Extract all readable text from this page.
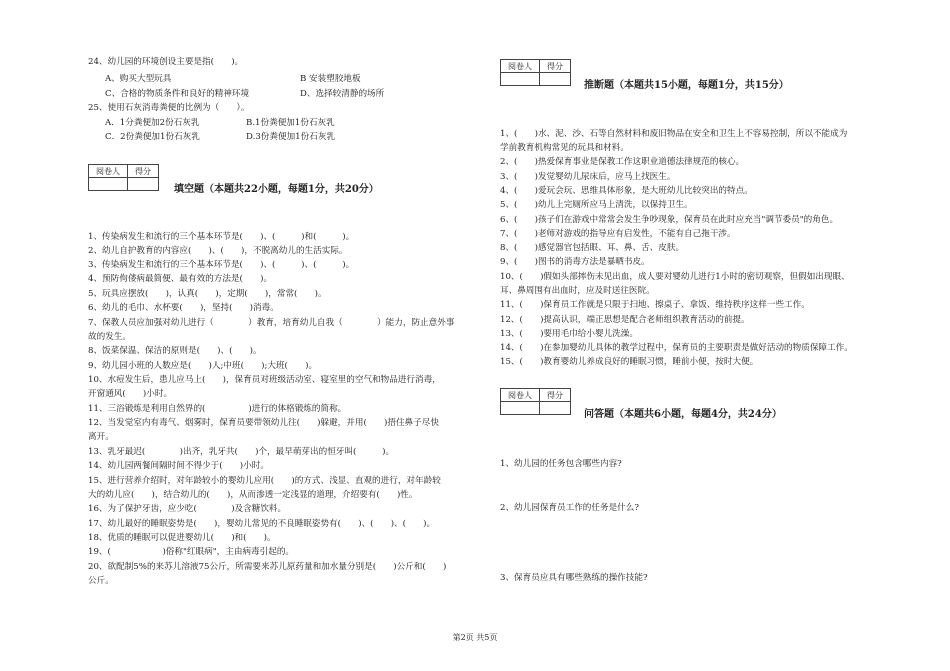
24、幼儿园的环境创设主要是指(　　)。
A、购买大型玩具	B 安装塑胶地板
C、合格的物质条件和良好的精神环境	D、选择较清静的场所
25、使用石灰消毒粪便的比例为（　　）。
A．1分粪便加2份石灰乳	B.1份粪便加1份石灰乳
C．2份粪便加1份石灰乳	D.3份粪便加1份石灰乳
阅卷人	得分

填空题（本题共22小题，每题1分，共20分）
1、传染病发生和流行的三个基本环节是(　　)、(　　　)和(　　　)。
2、幼儿自护教育的内容应(　　)、(　　)，不脱离幼儿的生活实际。
3、传染病发生和流行的三个基本环节是(　　)、(　　　)、(　　　)。
4、预防佝偻病最简便、最有效的方法是(　　)。
5、玩具应摆放(　　)，认真(　　)，定期(　　)，常常(　　)。
6、幼儿的毛巾、水杯要(　　)，坚持(　　)消毒。
7、保教人员应加强对幼儿进行（　　　　）教育，培育幼儿自我（　　　　）能力，防止意外事
故的发生。
8、饭菜保温、保洁的原则是(　　)、(　　)。
9、幼儿园小班的人数应是(　　)人;中班(　　);大班(　　)。
10、水痘发生后，患儿应马上(　　)，保育员对班级活动室、寝室里的空气和物品进行消毒，
开窗通风(　　)小时。
11、三浴锻炼是利用自然界的(　　　　　)进行的体格锻炼的简称。
12、当发觉室内有毒气、烟雾时，保育员要带领幼儿往(　　)躲避，并用(　　)捂住鼻子尽快
离开。
13、乳牙最迟(　　　　)出齐，乳牙共(　　)个，最早萌芽出的恒牙叫(　　　)。
14、幼儿园两餐间隔时间不得少于(　　)小时。
15、进行营养介绍时，对年龄较小的婴幼儿应用(　　)的方式、浅显、直观的进行，对年龄较
大的幼儿应(　　)，结合幼儿的(　　)，从而渗透一定浅显的道理，介绍要有(　　)性。
16、为了保护牙齿，应少吃(　　　　)及含糖饮料。
17、幼儿最好的睡眠姿势是(　　)，婴幼儿常见的不良睡眠姿势有(　　)、(　　)、(　　)。
18、优质的睡眠可以促进婴幼儿(　　)和(　　)。
19、(　　　　　　)俗称"红眼病"，主由病毒引起的。
20、欲配制5%的来苏儿溶液75公斤，所需要来苏儿原药量和加水量分别是(　　)公斤和(　　)
公斤。
阅卷人	得分

推断题（本题共15小题，每题1分，共15分）
1、(　　)水、泥、沙、石等自然材料和废旧物品在安全和卫生上不容易控制，所以不能成为
学前教育机构常见的玩具和材料。
2、(　　)热爱保育事业是保教工作这职业道德法律规范的核心。
3、(　　)发觉婴幼儿尿床后，应马上找医生。
4、(　　)爱玩会玩、思维具体形象，是大班幼儿比较突出的特点。
5、(　　)幼儿上完厕所应马上清洗，以保持卫生。
6、(　　)孩子们在游戏中常常会发生争吵现象，保育员在此时应充当"调节委员"的角色。
7、(　　)老师对游戏的指导应有启发性，不能有自己拖干涉。
8、(　　)感觉器官包括眼、耳、鼻、舌、皮肤。
9、(　　)图书的消毒方法是暴晒书皮。
10、(　　)假如头部摔伤未见出血，成人要对婴幼儿进行1小时的密切观察，但假如出现眼、
耳、鼻周围有出血时，应及时送往医院。
11、(　　)保育员工作就是只限于扫地、擦桌子、拿饭、维持秩序这样一些工作。
12、(　　)提高认识，端正思想是配合老师组织教育活动的前提。
13、(　　)要用毛巾给小婴儿洗澡。
14、(　　)在参加婴幼儿具体的教学过程中，保育员的主要职责是做好活动的物质保障工作。
15、(　　)教育婴幼儿养成良好的睡眠习惯，睡前小便，按时大便。
阅卷人	得分

问答题（本题共6小题，每题4分，共24分）
1、幼儿园的任务包含哪些内容?
2、幼儿园保育员工作的任务是什么?
3、保育员应具有哪些熟练的操作技能?
第2页 共5页
